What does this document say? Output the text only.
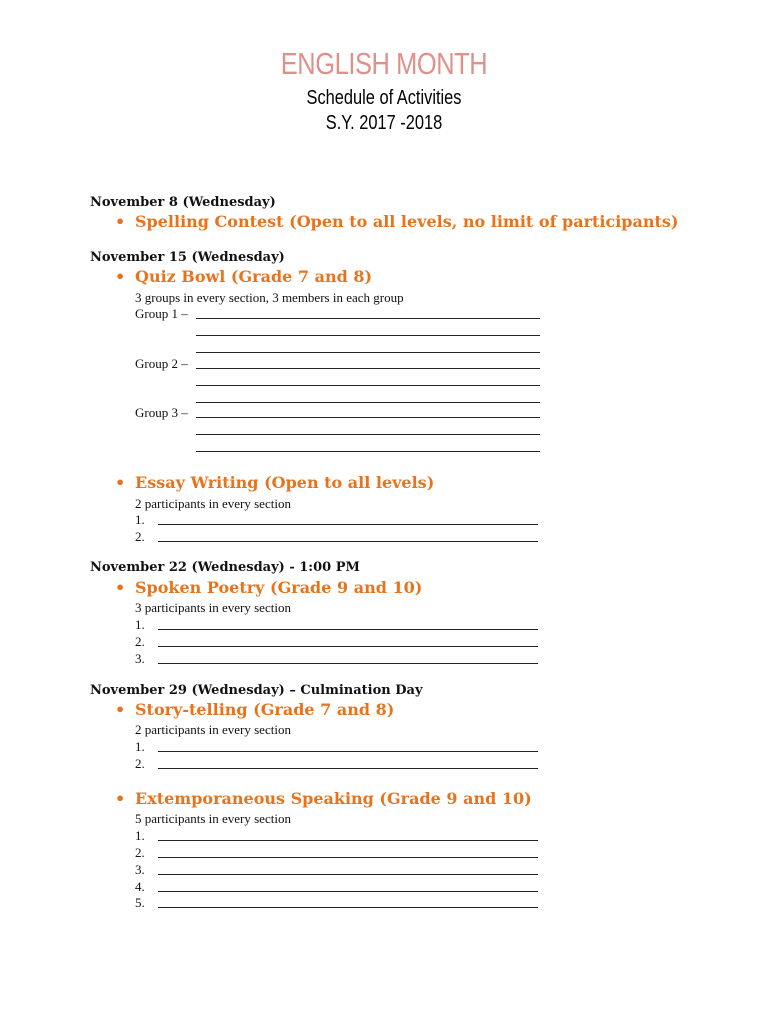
ENGLISH MONTH
Schedule of Activities
S.Y. 2017 -2018
November 8 (Wednesday)
• Spelling Contest (Open to all levels, no limit of participants)
November 15 (Wednesday)
• Quiz Bowl (Grade 7 and 8)
3 groups in every section, 3 members in each group
Group 1 –
Group 2 –
Group 3 –
• Essay Writing (Open to all levels)
2 participants in every section
1.
2.
November 22 (Wednesday) - 1:00 PM
• Spoken Poetry (Grade 9 and 10)
3 participants in every section
1.
2.
3.
November 29 (Wednesday) – Culmination Day
• Story-telling (Grade 7 and 8)
2 participants in every section
1.
2.
• Extemporaneous Speaking (Grade 9 and 10)
5 participants in every section
1.
2.
3.
4.
5.
